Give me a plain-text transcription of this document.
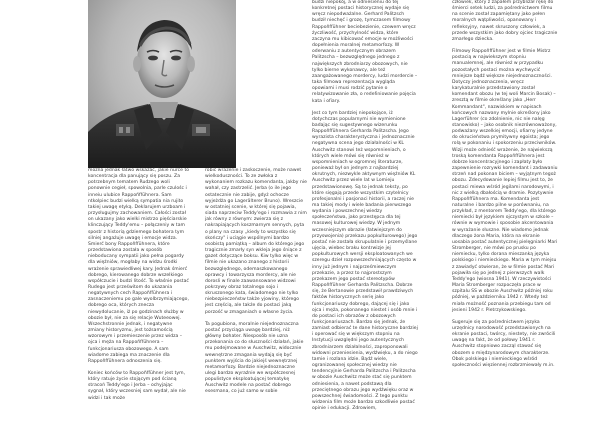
można jednak łatwo wskazać, jakie nurce to koncentracja dla panujący się poszu. Za potrzebnym tematem Rudzego woli ponownie cegieł, spowolnia, parle czulośc i inneiu ulubice Rappoñffühnera. Sam ntkolpiec budzi wielką sympatia nia rujito takiej uwagę etyką. Deklarujem urzboam i przysługujmy zachowaniem. Całości został on ukazany jako wielki mistrzo pięściarskie klinczujący Teddy'emu – połączeniy w tam spostr z historią gdziemego bohatera tym silniej angażuje uwagę i emocje widza. Smierć bony Rappoñffühnera, które przedstawiona została w sposób nieboducany sympatii jako pełna pogardy dla więźniów, mogłaby na widzu środki wrażenie sprawiedliwej kary. Jednak śmierć dobrego, kierowanego dobrze wszelkiego współczucie i budzi litość. To właśnie postać Rudego jest prześwitom do ukazania negatywnych cech Rappoñffühnera i zasnaczeniemu po gale wyolbrzymiającego, dobrego oca, których znecza niewydolucanie, iż po godzinach służby w obozie był, nie za się relacje Wuteeowej. Wszechstronnie jednak, i negatywne zmiany historyzmu, jest tożsamością wzorowym i przemieszenie przez widza – ojca i męża na Rappoñffühnera – funkcjonariusza obozowego. A sam wiadome zabiega ma znaczenie dla Rappoñffühnera odnoszenia się.

Koniec końców to Rappoñffühner jest tym, który ratuje życie stojącym pod ścianą stracoń Teddy'ego i Jerba – ochyjając sygnał, który wczesniej sam wydał, ale nie widzi i tak może

robić wrażenie i zaskoczenie, może nawet wielkoduszności. To ze zwłoka z wykonaniem rozkazu komendanta, jakby nie wahał, czy zastrzelić. Jerba (o ile jego ostatecznie nie zabije, gdyż ochocze wyjeżdża go Lagerälterer Bruno). Wreszcie w ostatniej scenie, w której się pojawia, siada naprzeciw Teddy'ego i rozmawia z nim jak równy z równym: zwierza się z nakrapiających koszmarnym sennych, pyta o plany na czasy „kiedy to wszystko się skończy" i uciągie wspólnymi bardzo osobistą pamiątką – album do którego jego tragicznie zmarły syn wkleja jego śniące z gazet dotyczące boksu. Kiw tylko więc w filmie nie ukazano znanego z historii bezwzględnego, odemaszkowanego oprawcy i towarzysza mordercy, ale nie dorosli w finale zaawansowane widzowi pokrzywy obraz totalnego sojo i skruszonego kata, świadomego nie tylko niebezpieczeństw także yjowiny, którego jest częścią, ale także do postaci jaką porzość w zmaganiach o własne życia.

Ta pogubiona, moralnie niejednoznaczna postać przyciąga uwagę bardziej, niż główny bohater. Niesposób nie uzna przekonania co do słuszności działań, jakie mu podejmowane w Auschwitz, widocznie wewnętrzne zmagania wydają się być punktem wyjścia do jakiejś wewnętrznej metamorfozy. Bardzie niejednoznaczne ulegi bardzo wyraźnie we współczesnej populistyce eksploatującej tematykę Auschwitz modele na postać dobrego esesmana, co już samo w sobie

budzi niepokój, a w odniesieniu do tej konkretnej postaci historycznej wydaje się wręcz niepodważalne. Gerhard Palitzsch budził niechęć i grozę, tymczasem filmowy Rappoñffühner beciebezienie, czewem wręcz życzliwość, przychylność widza, które zaczyna mu kibicować emocje w możliwości dopełnienia moralnej metamorfozy. W oderwaniu z autentycznym obrazem Palitzscha – bezwzględnego jednego z największych zbrodniarzy obozowych, nie tylko bierne wykonawcy, ale też zaangażowanego mordercy, ludzi mordercie – taka filmowa reprezentacja wygląda opowiami i musi rodzić pytanie o relatywizowanie zła, o redefiniowanie pojęcia kata i ofiary.

Jest co tym bardziej niepokojące, iż dotychczas popularnymi nie wymienione badając się sugestywnego wizerunku Rappoñffühnera Gerharda Palitzscha. Jego wyrazista charakterystyczna i jednoznacznie negatywna scena jego działalności w KL Auschwitz stanowi też wspomnieniach, o których wiele mówi się również w wspomnieniach w ogromnej literaturze, ponieważ był on jednym z najbardziej okrutnych, niezwykle aktywnym więźniów KL Auschwitz przez wiele lat w Lomieju przedstawionowę. Są to jednak teksty, po które sięgają przede wszystkim czytelnicy profesjonalni i pasjonaci historii, a raczej nie ma takiej mody i wiele badania pierwszego wydania i powszechnej wiedzy społeczeństwa, jako przestępca dla tej masowej kulturowej wiedzy. W jednym wczesniejszym obrazie (łatwiejszym do przyswojenia) przekazu popkulturowego) jego postać nie została skrupulatnie i przemyślane ujęcia, wiebec braku kontrwizje jej popkulturowych wersji eksploatowanych we szeregu dzieł rozpowszechniających często w inny już jednym i najprześmiewczym przekazie, a przez to najprostszym przekazem jego postać stereotypów Rappoñffühner Gerharda Palitzscha. Dobrze się, że Bertanowie przedstawił prawdziwych faktów historycznych serię jako funkcjonariuszy dobrego, dającej się i jako ojca i męża, pokonanego niestet i osób mnie i do postaci ich obrazów z obozowych funkcjonariuszach. Bardzo się jednak, że zamiast odbierać te dane historyczne bardziej i operować się w większym stopniu na Instytucji uwzględni jego autentycznych zbrodniarzem działalności, zaproponowali widowni przeniesienia, wydźwięku, a do niego tamie i rozlana idzie. Bądź wiele, ogranizowanej społecznej wiedzy nie tendencyjnie Gerharda Palitzscha i Palitzscha w obozie Auschwitz może stać się punktem odniesienia, a nawet podstawą dla przeciętnego obrazu jego wydźwięku oraz w powszechnej świadomości. Z tego punktu widzenia film może bardzo szkodliwie postać opinie i edukacji. Zdrowiem,

człowiek, który z zapałem przybliżał rękę do śmierci setek ludzi, za pośrednictwem filmu na scenie został zapamiętany jako pełen moralnych wątpliwości, opanowany i refleksyjny, nawet skruszony człowiek, a przede wszystkim jako dobry ojciec tragicznie zmarłego dziecka.

Filmowy Rappoñffühner jest w filmie Mistrz postacią w najwiekszym stopniu manualemnej, ale również w przypadku pozostałych postaci można wychwycić mniejsze bądź większe niejednoznaczności. Dotyczy jednoznaczenia, wręcz karykaturalnie przedstawiony został komendant obozu (w tej woli Marcin Bosak) – zresztą w filmie określany jako „Herr Kommandant", nazwiskiem w napisach końcowych nazwany mylnie określony jako Lagerführer (co zdolnienie, nic nie nalęg stanowisko) – jako osobnik niezrównoważony, podważany wszelkiej emocji, ofiarny jedyne do okrucieństwa prymitywny egoista; jego rolą w pokonaniu i spokorzeniu przeciwników. Wizji może odnieść wrażenie, że najwiekszą troską komendanta Rappoñffühnera jest dobrze koncentracyjnego i zapłaty było zapewnienie rozrywki komendant i zadawaniu strzeń nad pokonan biciem – wyjątnym tegoż obozu. Zdecydowanie lepiej filmu jest to, że postaci miewa wśród jegilami narodowymi, i nic z wielką dbałością w dramie. Pozytywnie Rappoñffühnera ma. Komendanta jest naturalne i bardzo pilne w porównaniu, na przykład, z mentorem Teddy'ego, dla którego niemiecki był językiem ojczystym w szkole – równie w wymowie i sposobie akcentowania w wyrażanie słuszne. Nie wiadomo jednak dlaczego żona Maria, która na ekranie uosabia postać autentycznej pielęgniarki Mari Stromberger, nie mówi po prusku po niemiecku, tylko dorana mieszanką języka polskiego i niemieckiego. Maria w tym miejsu z zawiadyć otwieran, że w filmie postać Mari pojawiła się po jednej z pierwszych walk Teddy'ego (wiosna 1941). W rzeczywistości Maria Stromberger rozpoczęła prace w szpitalu SS w obozie Auschwitz później roku później, w październiku 1942 r. Wtedy też miała możność poznania przebiegu tam od jesieni 1942 r. Pietrzykowskiego.

Sugeruje się za pośrednictwem języka urzędnicy narodowość przedstawionych na ekranie postaci, twórcy, niestety, nie zwrócili uwagę na fakt, że od połowy 1941 r. Auschwitz stopniowo zacząl stawać się obozem o międzynarodowym charakterze. Obok polskiego i niemieckiego wśród społeczności więziennej rozbrzmiewały m.in.
